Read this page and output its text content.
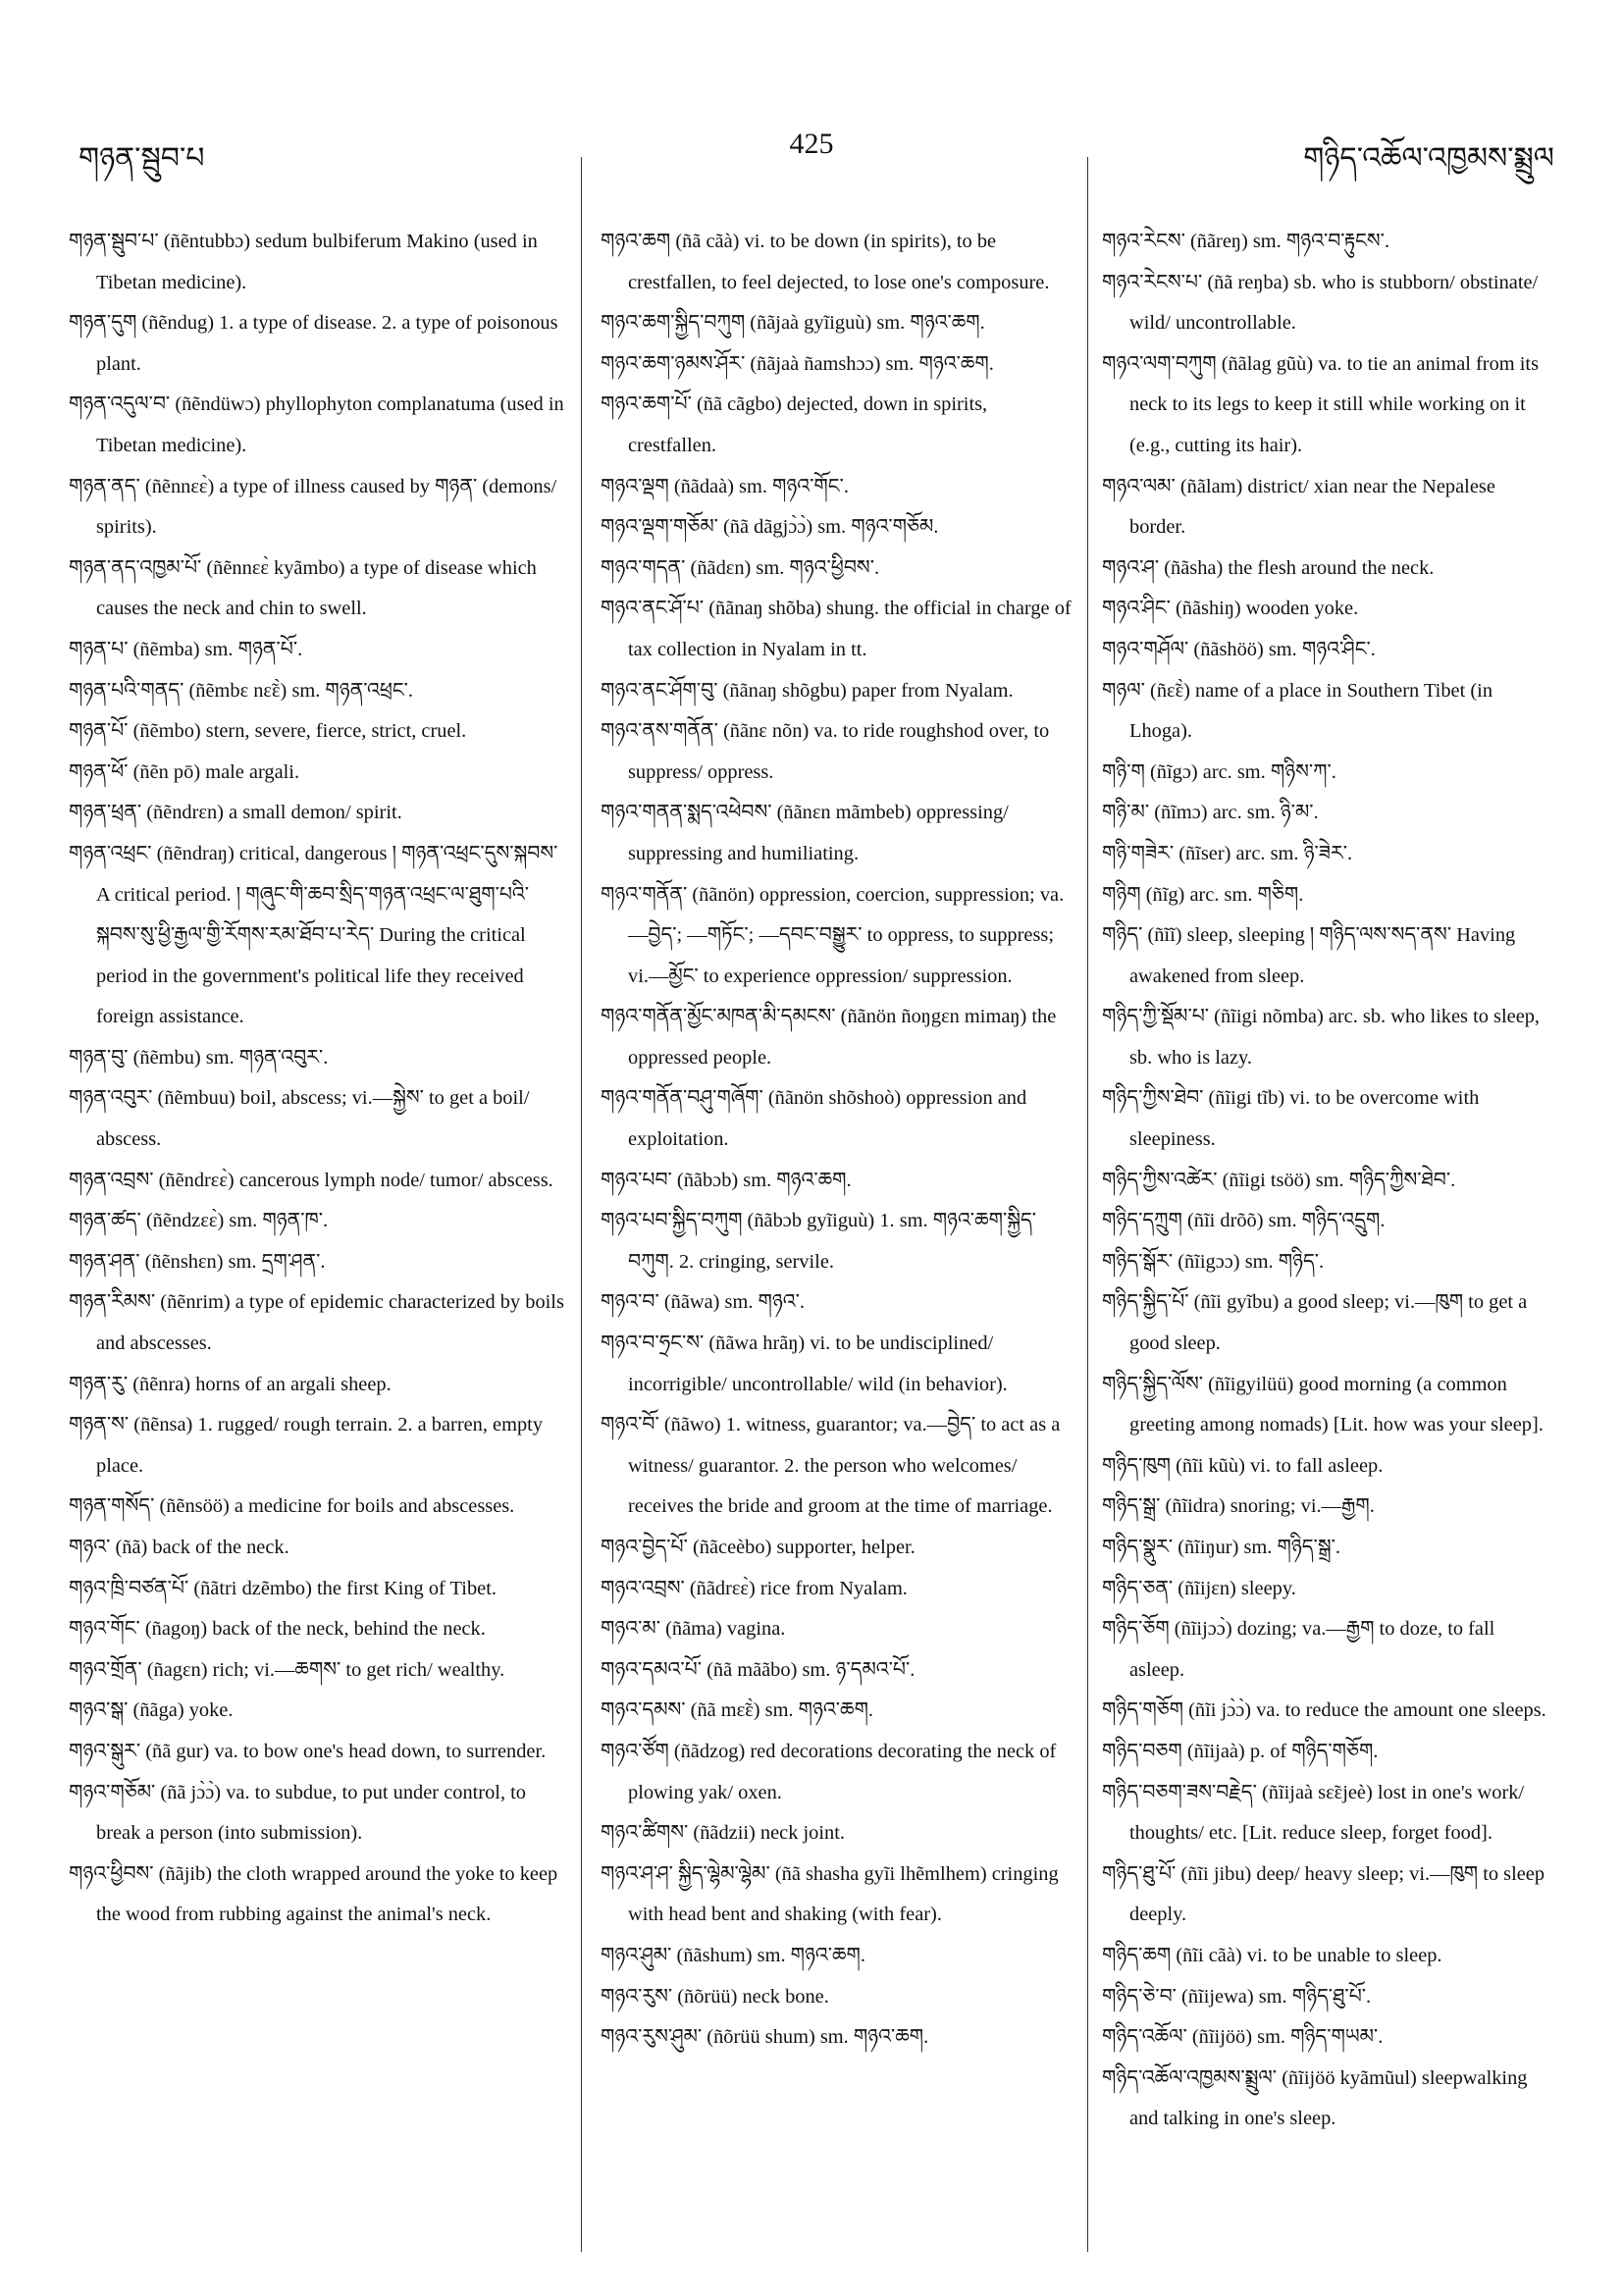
གཉན་སྦུབ་པ	425	གཉིད་འཆོལ་འཁྱམས་སྨྲུལ

གཉན་སྦུབ་པ་ (ñẽntubbɔ) sedum bulbiferum Makino (used in Tibetan medicine).

གཉན་དུག (ñẽndug) 1. a type of disease. 2. a type of poisonous plant.

གཉན་འདུལ་བ་ (ñẽndüwɔ) phyllophyton complanatuma (used in Tibetan medicine).

གཉན་ནད་ (ñẽnnɛɛ̀) a type of illness caused by གཉན་ (demons/ spirits).

གཉན་ནད་འཁྱམ་པོ་ (ñẽnnɛɛ̀ kyãmbo) a type of disease which causes the neck and chin to swell.

གཉན་པ་ (ñẽmba) sm. གཉན་པོ་.

གཉན་པའི་གནད་ (ñẽmbɛ nɛ̃ɛ̀) sm. གཉན་འཕྲང་.

གཉན་པོ་ (ñẽmbo) stern, severe, fierce, strict, cruel.

གཉན་ཕོ་ (ñẽn pō) male argali.

གཉན་ཕྲན་ (ñẽndrɛn) a small demon/ spirit.

གཉན་འཕྲང་ (ñẽndraŋ) critical, dangerous ། གཉན་འཕྲང་དུས་སྐབས་ A critical period. ། གཞུང་གི་ཆབ་སྲིད་གཉན་འཕྲང་ལ་ཐུག་པའི་སྐབས་སུ་ཕྱི་རྒྱལ་གྱི་རོགས་རམ་ཐོབ་པ་རེད་ During the critical period in the government's political life they received foreign assistance.

གཉན་བུ་ (ñẽmbu) sm. གཉན་འབུར་.

གཉན་འབུར་ (ñẽmbuu) boil, abscess; vi.—སྐྱེས་ to get a boil/ abscess.

གཉན་འབྲས་ (ñẽndrɛɛ̀) cancerous lymph node/ tumor/ abscess.

གཉན་ཚད་ (ñẽndzɛɛ̀) sm. གཉན་ཁ་.

གཉན་ཤན་ (ñẽnshɛn) sm. དྲག་ཤན་.

གཉན་རིམས་ (ñẽnrim) a type of epidemic characterized by boils and abscesses.

གཉན་རུ་ (ñẽnra) horns of an argali sheep.

གཉན་ས་ (ñẽnsa) 1. rugged/ rough terrain. 2. a barren, empty place.

གཉན་གསོད་ (ñẽnsöö) a medicine for boils and abscesses.

གཉའ་ (ñã) back of the neck.

གཉའ་ཁྲི་བཙན་པོ་ (ñãtri dzẽmbo) the first King of Tibet.

གཉའ་གོང་ (ñagoŋ) back of the neck, behind the neck.

གཉའ་གྲོན་ (ñagɛn) rich; vi.—ཆགས་ to get rich/ wealthy.

གཉའ་སྒ་ (ñãga) yoke.

གཉའ་སྒུར་ (ñã gur) va. to bow one's head down, to surrender.

གཉའ་གཅོམ་ (ñã jɔ̀ɔ̀) va. to subdue, to put under control, to break a person (into submission).

གཉའ་ཕྱིབས་ (ñãjib) the cloth wrapped around the yoke to keep the wood from rubbing against the animal's neck.

གཉའ་ཆག (ñã cãà) vi. to be down (in spirits), to be crestfallen, to feel dejected, to lose one's composure.

གཉའ་ཆག་སྐྱིད་བཀུག (ñãjaà gyĩiguù) sm. གཉའ་ཆག.

གཉའ་ཆག་ཉམས་ཤོར་ (ñãjaà ñamshɔɔ) sm. གཉའ་ཆག.

གཉའ་ཆག་པོ་ (ñã cãgbo) dejected, down in spirits, crestfallen.

གཉའ་ལྡག (ñãdaà) sm. གཉའ་གོང་.

གཉའ་ལྡག་གཅོམ་ (ñã dãgjɔ̀ɔ̀) sm. གཉའ་གཅོམ.

གཉའ་གདན་ (ñãdɛn) sm. གཉའ་ཕྱིབས་.

གཉའ་ནང་ཤོ་པ་ (ñãnaŋ shõba) shung. the official in charge of tax collection in Nyalam in tt.

གཉའ་ནང་ཤོག་བུ་ (ñãnaŋ shõgbu) paper from Nyalam.

གཉའ་ནས་གནོན་ (ñãnɛ nõn) va. to ride roughshod over, to suppress/ oppress.

གཉའ་གནན་སྨད་འཕེབས་ (ñãnɛn mãmbeb) oppressing/ suppressing and humiliating.

གཉའ་གནོན་ (ñãnön) oppression, coercion, suppression; va.—བྱེད་; —གཏོང་; —དབང་བསྒྱུར་ to oppress, to suppress; vi.—མྱོང་ to experience oppression/ suppression.

གཉའ་གནོན་མྱོང་མཁན་མི་དམངས་ (ñãnön ñoŋgɛn mimaŋ) the oppressed people.

གཉའ་གནོན་བཤུ་གཞོག་ (ñãnön shõshoò) oppression and exploitation.

གཉའ་པབ་ (ñãbɔb) sm. གཉའ་ཆག.

གཉའ་པབ་སྐྱིད་བཀུག (ñãbɔb gyĩiguù) 1. sm. གཉའ་ཆག་སྐྱིད་བཀུག. 2. cringing, servile.

གཉའ་བ་ (ñãwa) sm. གཉའ་.

གཉའ་བ་ཧྲང་ས་ (ñãwa hrãŋ) vi. to be undisciplined/ incorrigible/ uncontrollable/ wild (in behavior).

གཉའ་བོ་ (ñãwo) 1. witness, guarantor; va.—བྱེད་ to act as a witness/ guarantor. 2. the person who welcomes/ receives the bride and groom at the time of marriage.

གཉའ་བྱེད་པོ་ (ñãceèbo) supporter, helper.

གཉའ་འབྲས་ (ñãdrɛɛ̀) rice from Nyalam.

གཉའ་མ་ (ñãma) vagina.

གཉའ་དམའ་པོ་ (ñã mããbo) sm. ཉ་དམའ་པོ་.

གཉའ་དམས་ (ñã mɛ̃ɛ̀) sm. གཉའ་ཆག.

གཉའ་ཙོག (ñãdzog) red decorations decorating the neck of plowing yak/ oxen.

གཉའ་ཚིགས་ (ñãdzii) neck joint.

གཉའ་ཤ་ཤ་ སྐྱིད་ལྷེམ་ལྷེམ་ (ñã shasha gyĩi lhẽmlhem) cringing with head bent and shaking (with fear).

གཉའ་ཤུམ་ (ñãshum) sm. གཉའ་ཆག.

གཉའ་རུས་ (ñõrüü) neck bone.

གཉའ་རུས་ཤུམ་ (ñõrüü shum) sm. གཉའ་ཆག.

གཉའ་རེངས་ (ñãreŋ) sm. གཉའ་བ་རྟུངས་.

གཉའ་རེངས་པ་ (ñã reŋba) sb. who is stubborn/ obstinate/ wild/ uncontrollable.

གཉའ་ལག་བཀུག (ñãlag gũù) va. to tie an animal from its neck to its legs to keep it still while working on it (e.g., cutting its hair).

གཉའ་ལམ་ (ñãlam) district/ xian near the Nepalese border.

གཉའ་ཤ་ (ñãsha) the flesh around the neck.

གཉའ་ཤིང་ (ñãshiŋ) wooden yoke.

གཉའ་གཤོལ་ (ñãshöö) sm. གཉའ་ཤིང་.

གཉལ་ (ñɛ̃ɛ̀) name of a place in Southern Tibet (in Lhoga).

གཉི་ག (ñĩgɔ) arc. sm. གཉིས་ཀ་.

གཉི་མ་ (ñĩmɔ) arc. sm. ཉི་མ་.

གཉི་གཟེར་ (ñĩser) arc. sm. ཉི་ཟེར་.

གཉིག (ñĩg) arc. sm. གཅིག.

གཉིད་ (ñĩĩ) sleep, sleeping ། གཉིད་ལས་སད་ནས་ Having awakened from sleep.

གཉིད་ཀྱི་སྡོམ་པ་ (ñĩigi nõmba) arc. sb. who likes to sleep, sb. who is lazy.

གཉིད་ཀྱིས་ཐེབ་ (ñĩigi tĩb) vi. to be overcome with sleepiness.

གཉིད་ཀྱིས་འཚེར་ (ñĩigi tsöö) sm. གཉིད་ཀྱིས་ཐེབ་.

གཉིད་དཀྲུག (ñĩi drõõ) sm. གཉིད་འདྲུག.

གཉིད་སྒོར་ (ñĩigɔɔ) sm. གཉིད་.

གཉིད་སྐྱིད་པོ་ (ñĩi gyĩbu) a good sleep; vi.—ཁུག to get a good sleep.

གཉིད་སྐྱིད་ལོས་ (ñĩigyilüü) good morning (a common greeting among nomads) [Lit. how was your sleep].

གཉིད་ཁུག (ñĩi kũù) vi. to fall asleep.

གཉིད་སྒྲ་ (ñĩidra) snoring; vi.—རྒྱག.

གཉིད་སྣུར་ (ñĩiŋur) sm. གཉིད་སྒྲ་.

གཉིད་ཅན་ (ñĩijɛn) sleepy.

གཉིད་ཅོག (ñĩijɔɔ̀) dozing; va.—རྒྱག to doze, to fall asleep.

གཉིད་གཅོག (ñĩi jɔ̀ɔ̀) va. to reduce the amount one sleeps.

གཉིད་བཅག (ñĩijaà) p. of གཉིད་གཅོག.

གཉིད་བཅག་ཟས་བརྗེད་ (ñĩijaà sɛ̃ɛjeè) lost in one's work/ thoughts/ etc. [Lit. reduce sleep, forget food].

གཉིད་ཐུ་པོ་ (ñĩi jibu) deep/ heavy sleep; vi.—ཁུག to sleep deeply.

གཉིད་ཆག (ñĩi cãà) vi. to be unable to sleep.

གཉིད་ཅེ་བ་ (ñĩijewa) sm. གཉིད་ཐུ་པོ་.

གཉིད་འཆོལ་ (ñĩijöö) sm. གཉིད་གཡམ་.

གཉིད་འཆོལ་འཁྱམས་སྨྲུལ་ (ñĩijöö kyãmũul) sleepwalking and talking in one's sleep.
